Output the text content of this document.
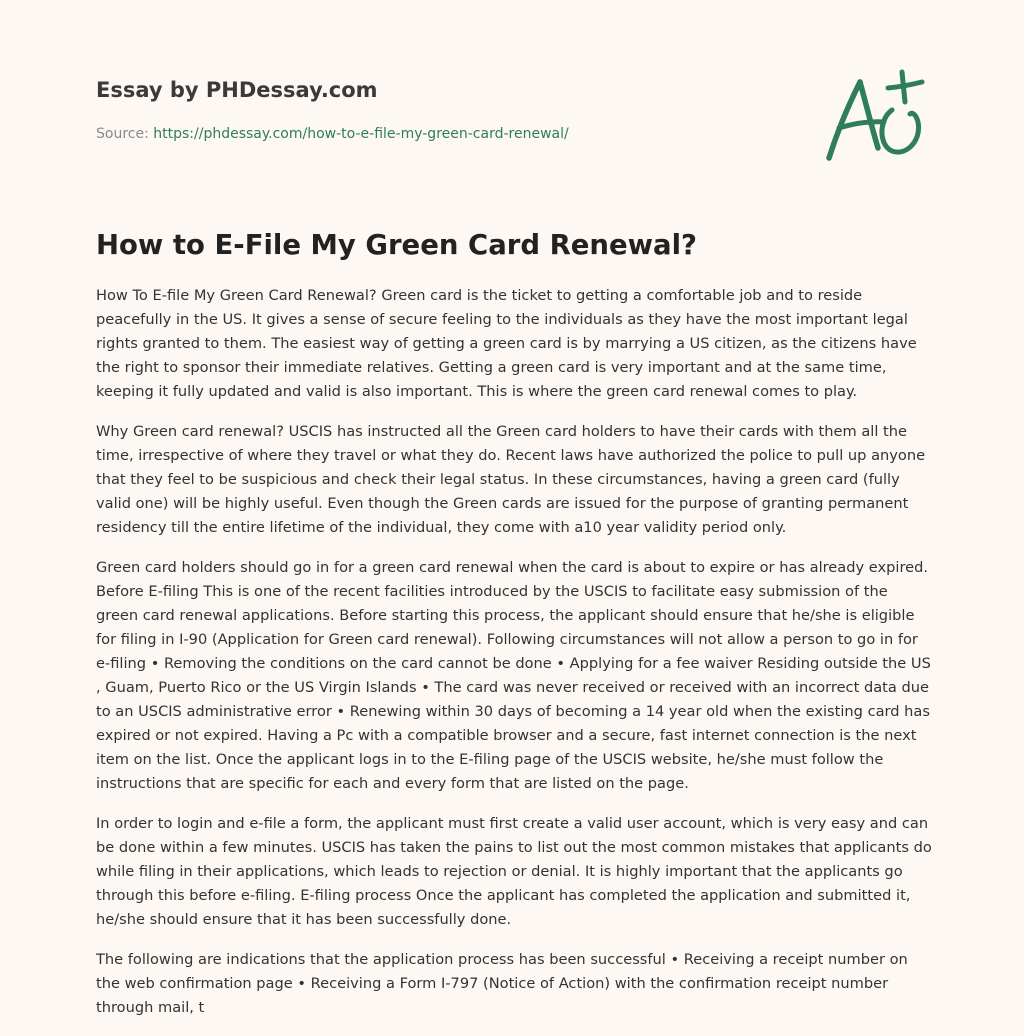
Essay by PHDessay.com
Source: https://phdessay.com/how-to-e-file-my-green-card-renewal/
How to E-File My Green Card Renewal?

How To E-file My Green Card Renewal? Green card is the ticket to getting a comfortable job and to reside peacefully in the US. It gives a sense of secure feeling to the individuals as they have the most important legal rights granted to them. The easiest way of getting a green card is by marrying a US citizen, as the citizens have the right to sponsor their immediate relatives. Getting a green card is very important and at the same time, keeping it fully updated and valid is also important. This is where the green card renewal comes to play.

Why Green card renewal? USCIS has instructed all the Green card holders to have their cards with them all the time, irrespective of where they travel or what they do. Recent laws have authorized the police to pull up anyone that they feel to be suspicious and check their legal status. In these circumstances, having a green card (fully valid one) will be highly useful. Even though the Green cards are issued for the purpose of granting permanent residency till the entire lifetime of the individual, they come with a10 year validity period only.

Green card holders should go in for a green card renewal when the card is about to expire or has already expired. Before E-filing This is one of the recent facilities introduced by the USCIS to facilitate easy submission of the green card renewal applications. Before starting this process, the applicant should ensure that he/she is eligible for filing in I-90 (Application for Green card renewal). Following circumstances will not allow a person to go in for e-filing • Removing the conditions on the card cannot be done • Applying for a fee waiver Residing outside the US , Guam, Puerto Rico or the US Virgin Islands • The card was never received or received with an incorrect data due to an USCIS administrative error • Renewing within 30 days of becoming a 14 year old when the existing card has expired or not expired. Having a Pc with a compatible browser and a secure, fast internet connection is the next item on the list. Once the applicant logs in to the E-filing page of the USCIS website, he/she must follow the instructions that are specific for each and every form that are listed on the page.

In order to login and e-file a form, the applicant must first create a valid user account, which is very easy and can be done within a few minutes. USCIS has taken the pains to list out the most common mistakes that applicants do while filing in their applications, which leads to rejection or denial. It is highly important that the applicants go through this before e-filing. E-filing process Once the applicant has completed the application and submitted it, he/she should ensure that it has been successfully done.

The following are indications that the application process has been successful • Receiving a receipt number on the web confirmation page • Receiving a Form I-797 (Notice of Action) with the confirmation receipt number through mail, t
